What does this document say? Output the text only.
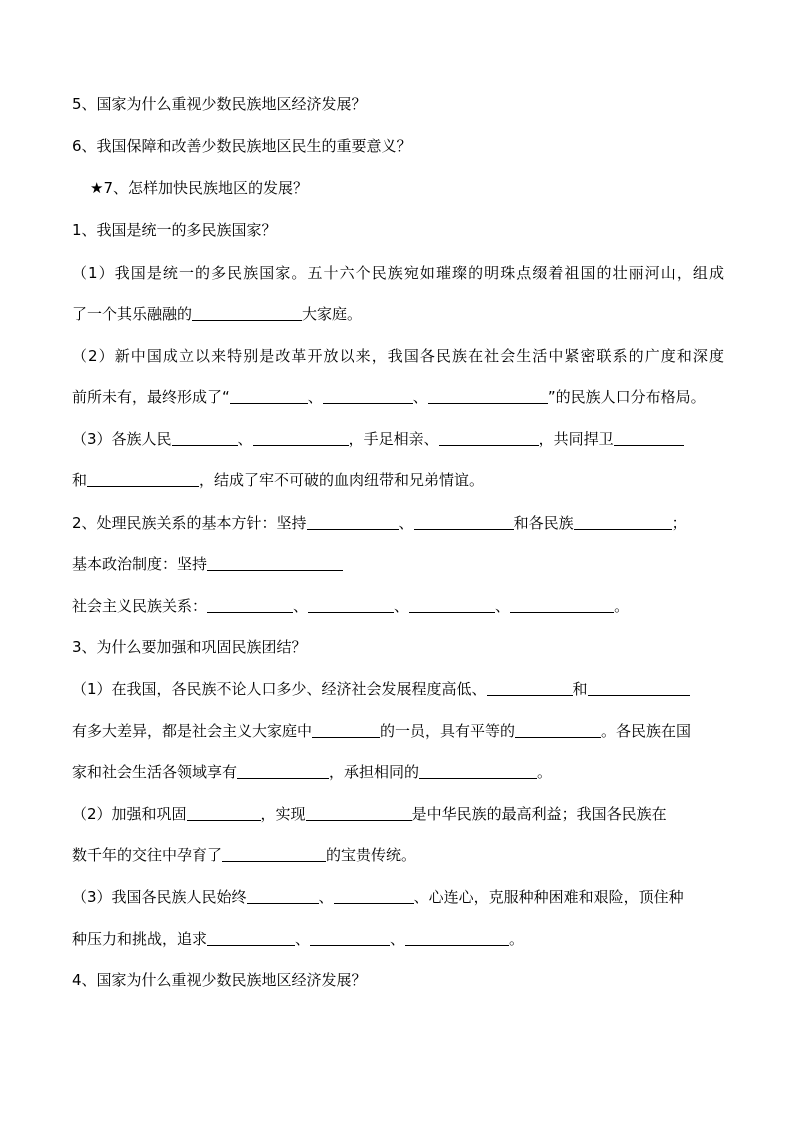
5、国家为什么重视少数民族地区经济发展？
6、我国保障和改善少数民族地区民生的重要意义？
★7、怎样加快民族地区的发展？
1、我国是统一的多民族国家？
（1）我国是统一的多民族国家。五十六个民族宛如璀璨的明珠点缀着祖国的壮丽河山，组成
了一个其乐融融的	大家庭。
（2）新中国成立以来特别是改革开放以来，我国各民族在社会生活中紧密联系的广度和深度
前所未有，最终形成了“	、	、	”的民族人口分布格局。
（3）各族人民	、	，手足相亲、	，共同捍卫
和	，结成了牢不可破的血肉纽带和兄弟情谊。
2、处理民族关系的基本方针：坚持	、	和各民族	；
基本政治制度：坚持
社会主义民族关系：	、	、	、	。
3、为什么要加强和巩固民族团结？
（1）在我国，各民族不论人口多少、经济社会发展程度高低、	和
有多大差异，都是社会主义大家庭中	的一员，具有平等的	。各民族在国
家和社会生活各领域享有	，承担相同的	。
（2）加强和巩固	，实现	是中华民族的最高利益；我国各民族在
数千年的交往中孕育了	的宝贵传统。
（3）我国各民族人民始终	、	、心连心，克服种种困难和艰险，顶住种
种压力和挑战，追求	、	、	。
4、国家为什么重视少数民族地区经济发展？
